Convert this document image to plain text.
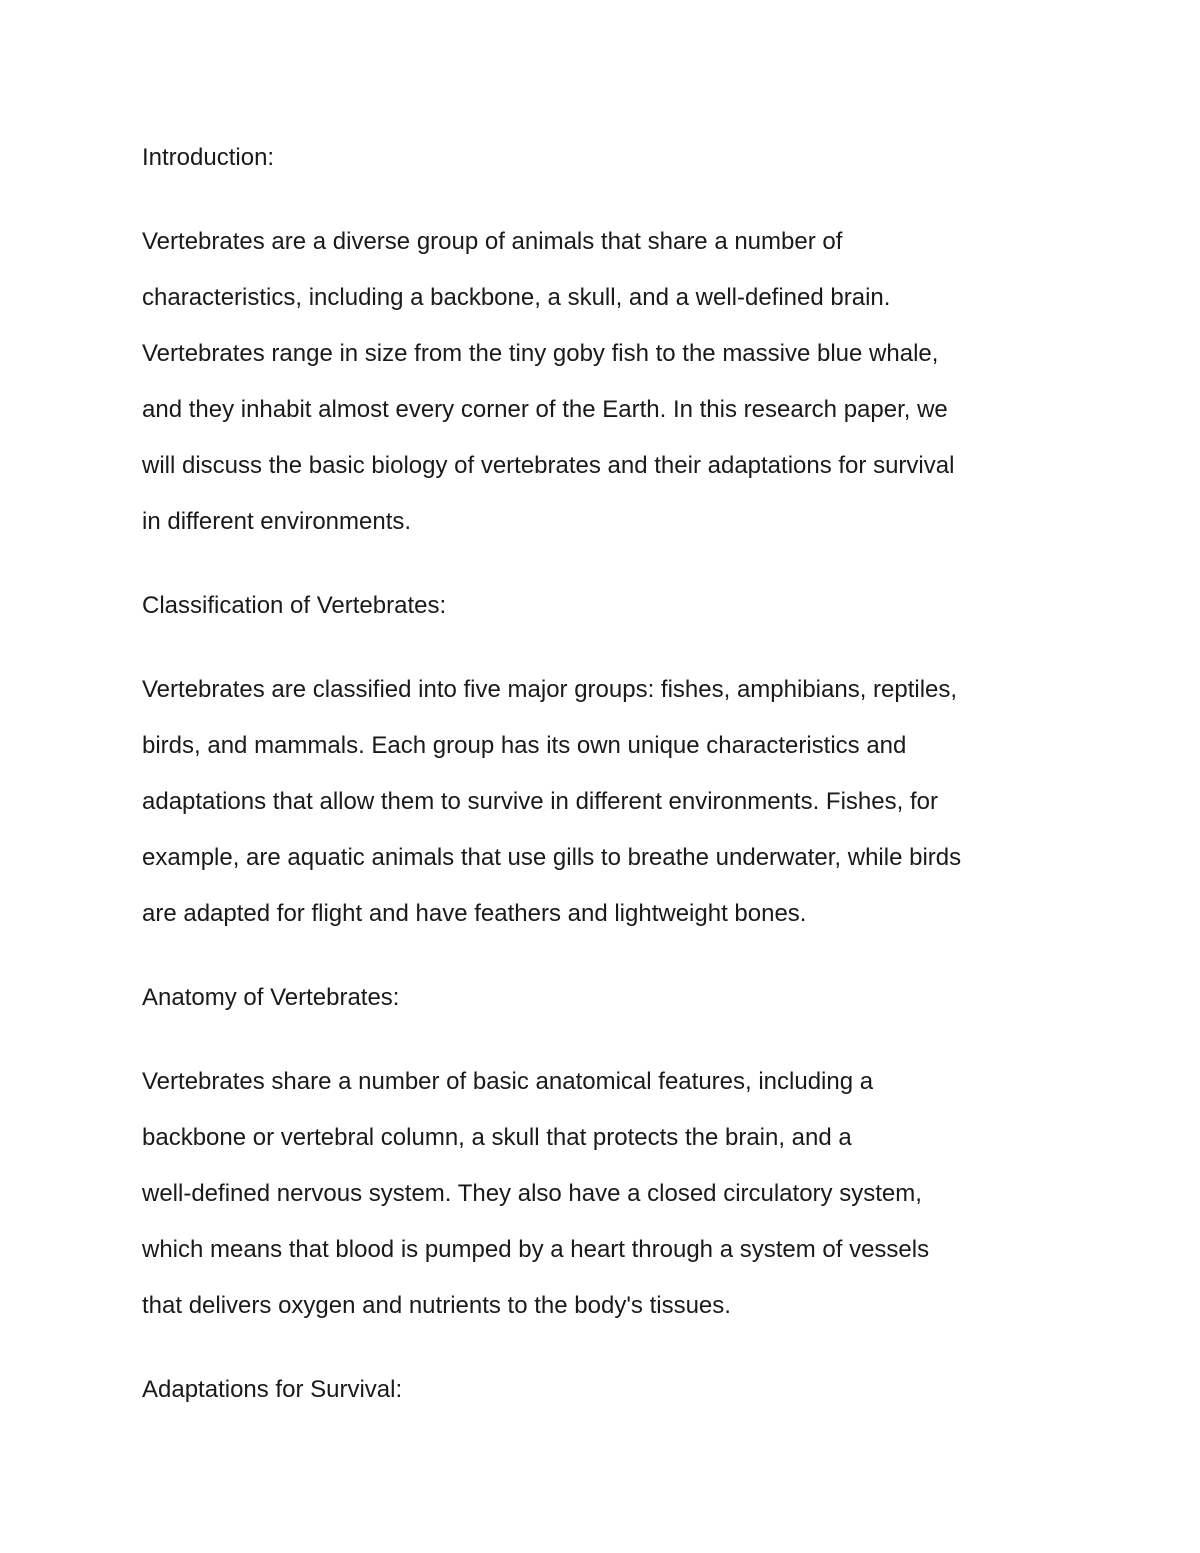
Introduction:
Vertebrates are a diverse group of animals that share a number of
characteristics, including a backbone, a skull, and a well-defined brain.
Vertebrates range in size from the tiny goby fish to the massive blue whale,
and they inhabit almost every corner of the Earth. In this research paper, we
will discuss the basic biology of vertebrates and their adaptations for survival
in different environments.
Classification of Vertebrates:
Vertebrates are classified into five major groups: fishes, amphibians, reptiles,
birds, and mammals. Each group has its own unique characteristics and
adaptations that allow them to survive in different environments. Fishes, for
example, are aquatic animals that use gills to breathe underwater, while birds
are adapted for flight and have feathers and lightweight bones.
Anatomy of Vertebrates:
Vertebrates share a number of basic anatomical features, including a
backbone or vertebral column, a skull that protects the brain, and a
well-defined nervous system. They also have a closed circulatory system,
which means that blood is pumped by a heart through a system of vessels
that delivers oxygen and nutrients to the body's tissues.
Adaptations for Survival:
